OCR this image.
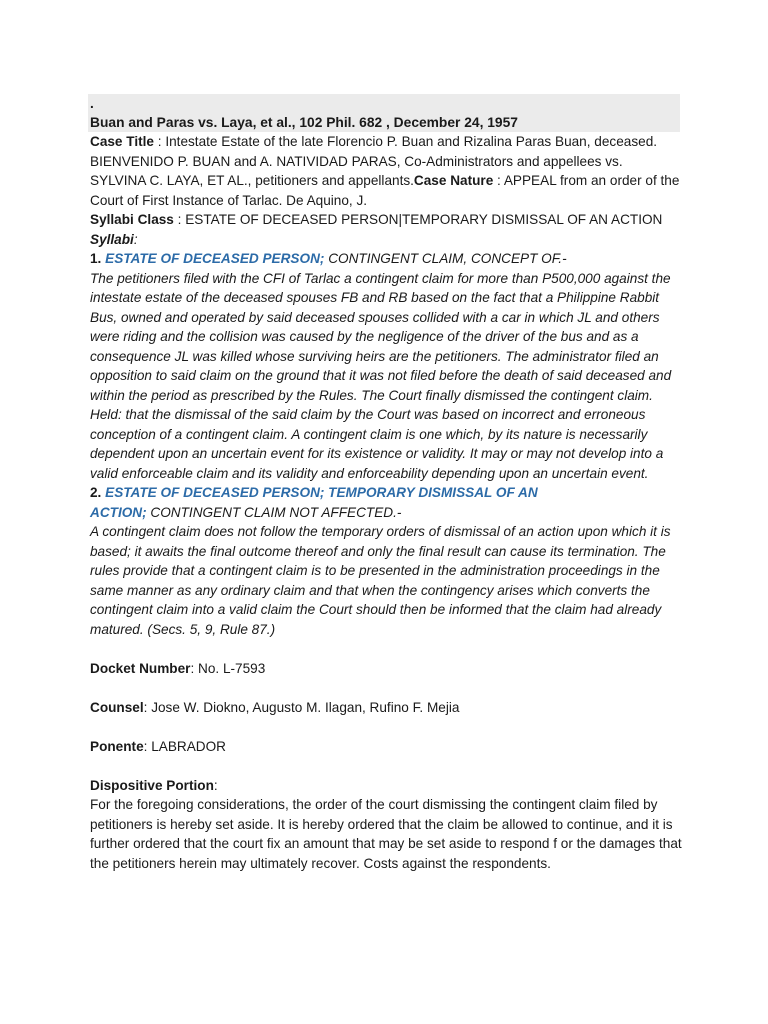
.
Buan and Paras vs. Laya, et al., 102 Phil. 682 , December 24, 1957

Case Title : Intestate Estate of the late Florencio P. Buan and Rizalina Paras Buan, deceased. BIENVENIDO P. BUAN and A. NATIVIDAD PARAS, Co-Administrators and appellees vs. SYLVINA C. LAYA, ET AL., petitioners and appellants.Case Nature : APPEAL from an order of the Court of First Instance of Tarlac. De Aquino, J.

Syllabi Class : ESTATE OF DECEASED PERSON|TEMPORARY DISMISSAL OF AN ACTION

Syllabi:

1. ESTATE OF DECEASED PERSON; CONTINGENT CLAIM, CONCEPT OF.-

The petitioners filed with the CFI of Tarlac a contingent claim for more than P500,000 against the intestate estate of the deceased spouses FB and RB based on the fact that a Philippine Rabbit Bus, owned and operated by said deceased spouses collided with a car in which JL and others were riding and the collision was caused by the negligence of the driver of the bus and as a consequence JL was killed whose surviving heirs are the petitioners. The administrator filed an opposition to said claim on the ground that it was not filed before the death of said deceased and within the period as prescribed by the Rules. The Court finally dismissed the contingent claim. Held: that the dismissal of the said claim by the Court was based on incorrect and erroneous conception of a contingent claim. A contingent claim is one which, by its nature is necessarily dependent upon an uncertain event for its existence or validity. It may or may not develop into a valid enforceable claim and its validity and enforceability depending upon an uncertain event.

2. ESTATE OF DECEASED PERSON; TEMPORARY DISMISSAL OF AN ACTION; CONTINGENT CLAIM NOT AFFECTED.-

A contingent claim does not follow the temporary orders of dismissal of an action upon which it is based; it awaits the final outcome thereof and only the final result can cause its termination. The rules provide that a contingent claim is to be presented in the administration proceedings in the same manner as any ordinary claim and that when the contingency arises which converts the contingent claim into a valid claim the Court should then be informed that the claim had already matured. (Secs. 5, 9, Rule 87.)

Docket Number: No. L-7593

Counsel: Jose W. Diokno, Augusto M. Ilagan, Rufino F. Mejia

Ponente: LABRADOR

Dispositive Portion:

For the foregoing considerations, the order of the court dismissing the contingent claim filed by petitioners is hereby set aside. It is hereby ordered that the claim be allowed to continue, and it is further ordered that the court fix an amount that may be set aside to respond f or the damages that the petitioners herein may ultimately recover. Costs against the respondents.
